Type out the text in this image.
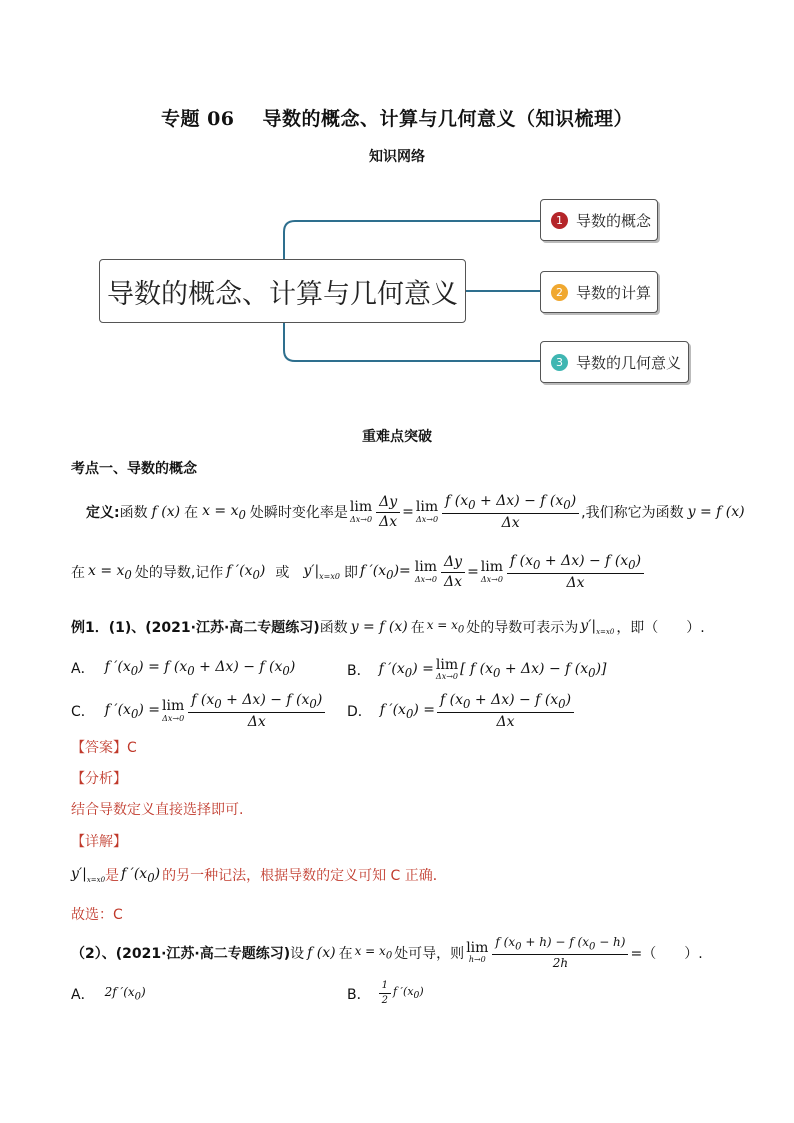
专题 06 导数的概念、计算与几何意义（知识梳理）
知识网络
导数的概念、计算与几何意义
1 导数的概念
2 导数的计算
3 导数的几何意义
重难点突破
考点一、导数的概念
定义: 函数 f (x) 在 $x = x_0$ 处瞬时变化率是 lim
$\Delta x\to 0 \frac{\Delta y}{\Delta x} = \lim$
$\Delta x\to 0 \frac{f (x_0 + \Delta x) - f (x_0)}{\Delta x}$ ,我们称它为函数 y = f (x)
在 $x = x_0$ 处的导数,记作 f $'(x_0)$ 或 $y'|_{x=x0}$ 即 f $'(x_0)= \lim$
$\Delta x\to 0 \frac{\Delta y}{\Delta x} = \lim$
$\Delta x\to 0 \frac{f (x_0 + \Delta x) - f (x_0)}{\Delta x}$
例1．(1)、(2021·江苏·高二专题练习) 函数 y = f (x) 在 $x = x_0$ 处的导数可表示为 $y'|_{x=x0}$ ，即（　　）.
A． f $'(x_0) = f$ $(x_0 + \Delta x) - f$ $(x_0)$	B． f $'(x_0) = \lim$
Δx→0
[ f $(x_0 + \Delta x) - f$ $(x_0)$]
C． f $'(x_0) = \lim$
$\Delta x\to 0 \frac{f (x_0 + \Delta x) - f (x_0)}{\Delta x}$ D． f $'(x_0) = \frac{f (x_0 + \Delta x) - f (x_0)}{\Delta x}$
【答案】C
【分析】
结合导数定义直接选择即可.
【详解】
$y'|_{x=x0}$ 是 f $'(x_0)$ 的另一种记法，根据导数的定义可知 C 正确．
故选：C
（2）、(2021·江苏·高二专题练习) 设 f (x) 在 $x = x_0$ 处可导，则 lim
$h\to 0 \frac{f (x_0 + h) - f (x_0 - h)}{2h}$ =（　　）.
A． 2f $'(x_0)$	B． $\frac{1}{2}$ f $'(x_0)$
